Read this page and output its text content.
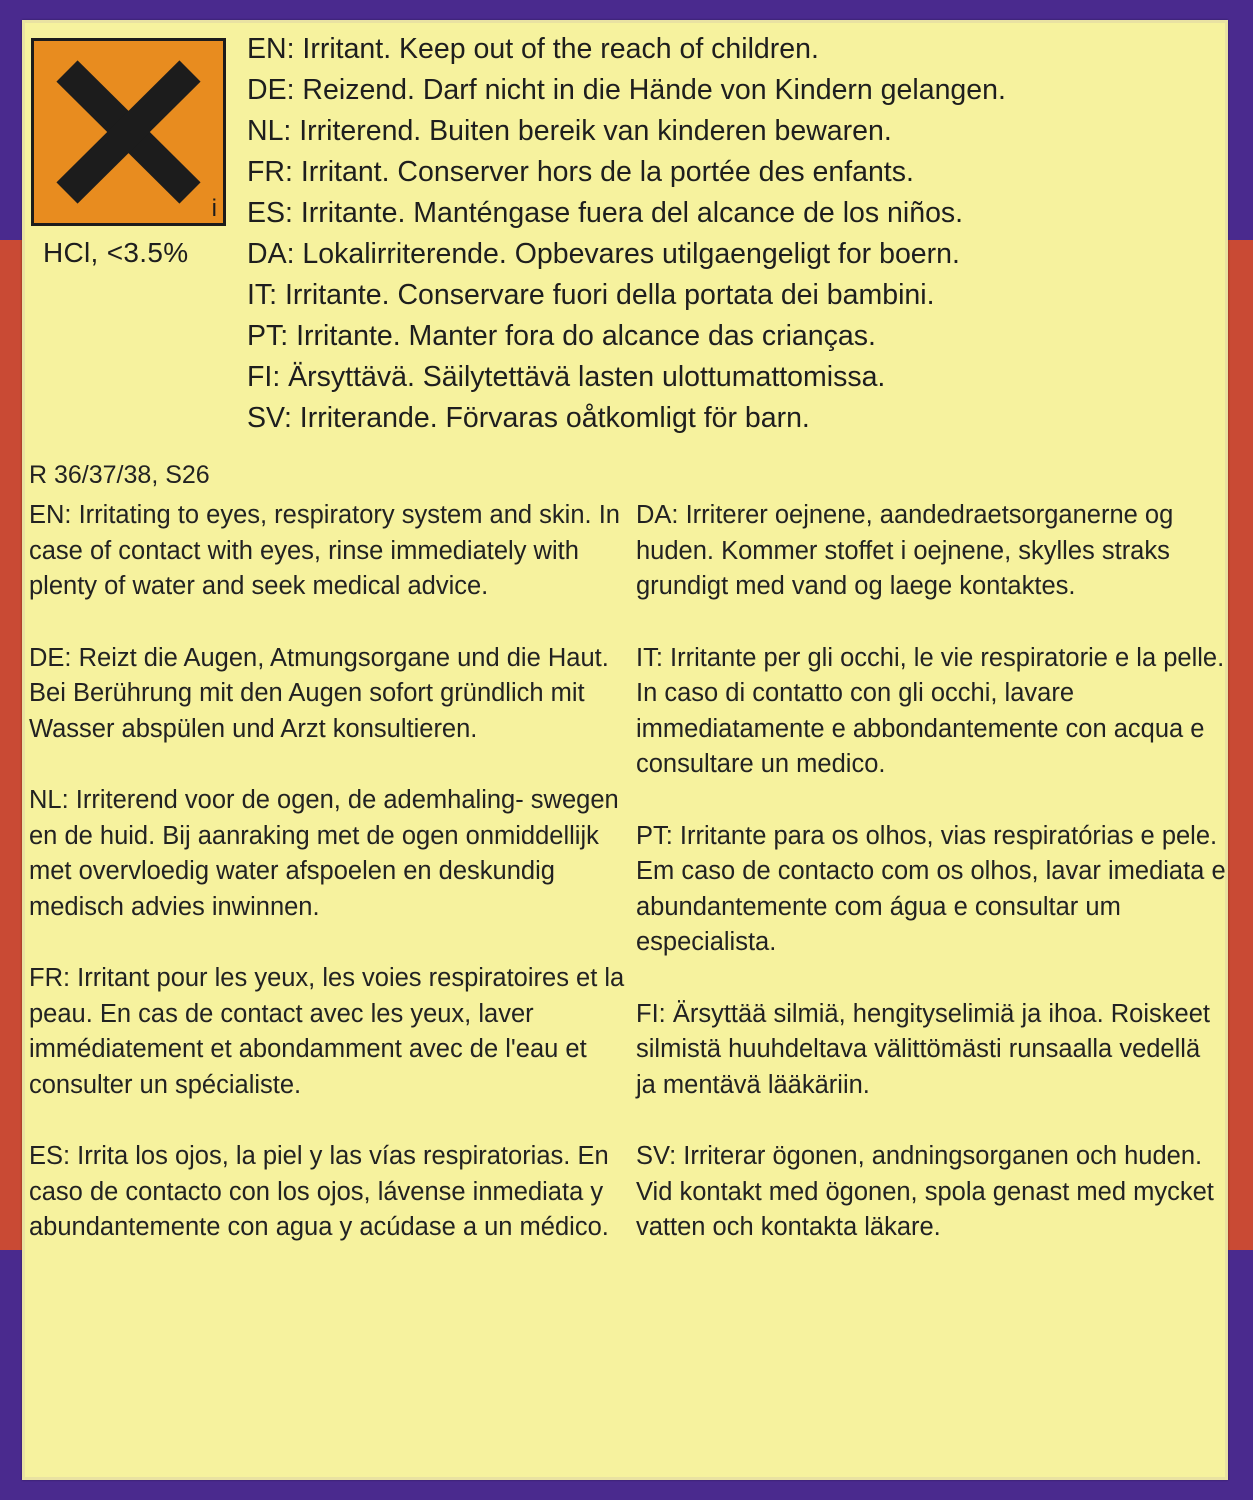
i
HCl, <3.5%
EN: Irritant. Keep out of the reach of children.
DE: Reizend. Darf nicht in die Hände von Kindern gelangen.
NL: Irriterend. Buiten bereik van kinderen bewaren.
FR: Irritant. Conserver hors de la portée des enfants.
ES: Irritante. Manténgase fuera del alcance de los niños.
DA: Lokalirriterende. Opbevares utilgaengeligt for boern.
IT: Irritante. Conservare fuori della portata dei bambini.
PT: Irritante. Manter fora do alcance das crianças.
FI: Ärsyttävä. Säilytettävä lasten ulottumattomissa.
SV: Irriterande. Förvaras oåtkomligt för barn.
R 36/37/38, S26

EN: Irritating to eyes, respiratory system and skin. In case of contact with eyes, rinse immediately with plenty of water and seek medical advice.

DE: Reizt die Augen, Atmungsorgane und die Haut. Bei Berührung mit den Augen sofort gründlich mit Wasser abspülen und Arzt konsultieren.

NL: Irriterend voor de ogen, de ademhaling- swegen en de huid. Bij aanraking met de ogen onmiddellijk met overvloedig water afspoelen en deskundig medisch advies inwinnen.

FR: Irritant pour les yeux, les voies respiratoires et la peau. En cas de contact avec les yeux, laver immédiatement et abondamment avec de l'eau et consulter un spécialiste.

ES: Irrita los ojos, la piel y las vías respiratorias. En caso de contacto con los ojos, lávense inmediata y abundantemente con agua y acúdase a un médico.

DA: Irriterer oejnene, aandedraetsorganerne og huden. Kommer stoffet i oejnene, skylles straks grundigt med vand og laege kontaktes.

IT: Irritante per gli occhi, le vie respiratorie e la pelle. In caso di contatto con gli occhi, lavare immediatamente e abbondantemente con acqua e consultare un medico.

PT: Irritante para os olhos, vias respiratórias e pele. Em caso de contacto com os olhos, lavar imediata e abundantemente com água e consultar um especialista.

FI: Ärsyttää silmiä, hengityselimiä ja ihoa. Roiskeet silmistä huuhdeltava välittömästi runsaalla vedellä ja mentävä lääkäriin.

SV: Irriterar ögonen, andningsorganen och huden. Vid kontakt med ögonen, spola genast med mycket vatten och kontakta läkare.
